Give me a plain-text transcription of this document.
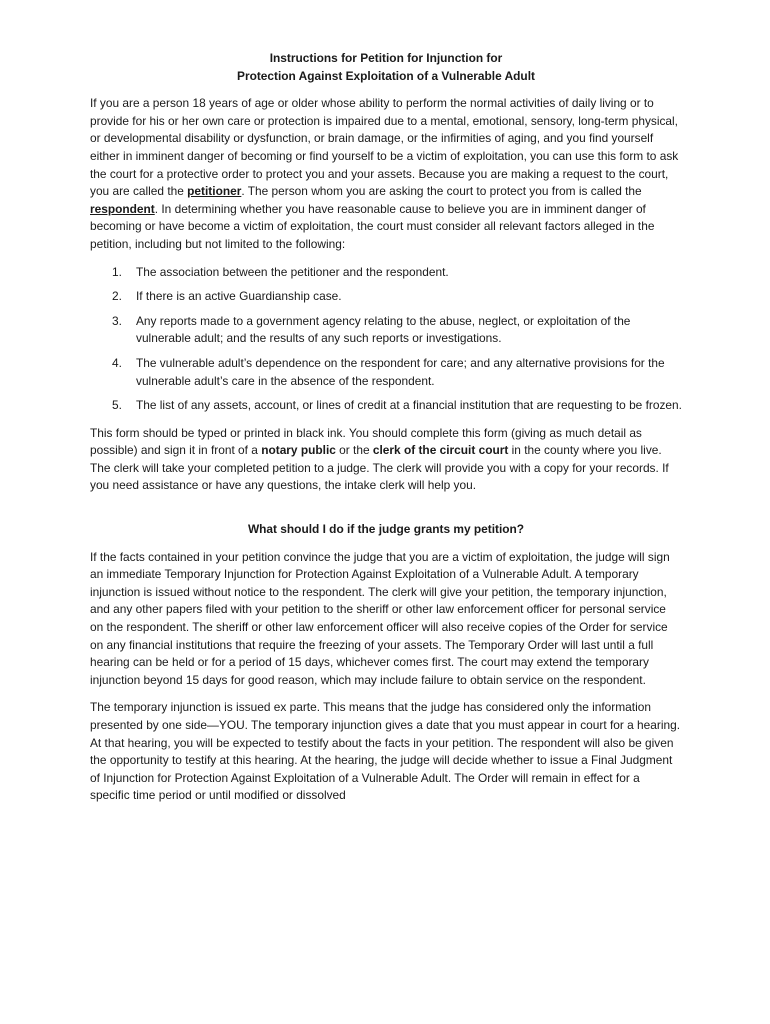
Instructions for Petition for Injunction for
Protection Against Exploitation of a Vulnerable Adult

If you are a person 18 years of age or older whose ability to perform the normal activities of daily living or to provide for his or her own care or protection is impaired due to a mental, emotional, sensory, long-term physical, or developmental disability or dysfunction, or brain damage, or the infirmities of aging, and you find yourself either in imminent danger of becoming or find yourself to be a victim of exploitation, you can use this form to ask the court for a protective order to protect you and your assets. Because you are making a request to the court, you are called the petitioner. The person whom you are asking the court to protect you from is called the respondent. In determining whether you have reasonable cause to believe you are in imminent danger of becoming or have become a victim of exploitation, the court must consider all relevant factors alleged in the petition, including but not limited to the following:

1. The association between the petitioner and the respondent.
2. If there is an active Guardianship case.
3. Any reports made to a government agency relating to the abuse, neglect, or exploitation of the vulnerable adult; and the results of any such reports or investigations.
4. The vulnerable adult’s dependence on the respondent for care; and any alternative provisions for the vulnerable adult’s care in the absence of the respondent.
5. The list of any assets, account, or lines of credit at a financial institution that are requesting to be frozen.

This form should be typed or printed in black ink. You should complete this form (giving as much detail as possible) and sign it in front of a notary public or the clerk of the circuit court in the county where you live. The clerk will take your completed petition to a judge. The clerk will provide you with a copy for your records. If you need assistance or have any questions, the intake clerk will help you.

What should I do if the judge grants my petition?

If the facts contained in your petition convince the judge that you are a victim of exploitation, the judge will sign an immediate Temporary Injunction for Protection Against Exploitation of a Vulnerable Adult. A temporary injunction is issued without notice to the respondent. The clerk will give your petition, the temporary injunction, and any other papers filed with your petition to the sheriff or other law enforcement officer for personal service on the respondent. The sheriff or other law enforcement officer will also receive copies of the Order for service on any financial institutions that require the freezing of your assets. The Temporary Order will last until a full hearing can be held or for a period of 15 days, whichever comes first. The court may extend the temporary injunction beyond 15 days for good reason, which may include failure to obtain service on the respondent.

The temporary injunction is issued ex parte. This means that the judge has considered only the information presented by one side—YOU. The temporary injunction gives a date that you must appear in court for a hearing. At that hearing, you will be expected to testify about the facts in your petition. The respondent will also be given the opportunity to testify at this hearing. At the hearing, the judge will decide whether to issue a Final Judgment of Injunction for Protection Against Exploitation of a Vulnerable Adult. The Order will remain in effect for a specific time period or until modified or dissolved
